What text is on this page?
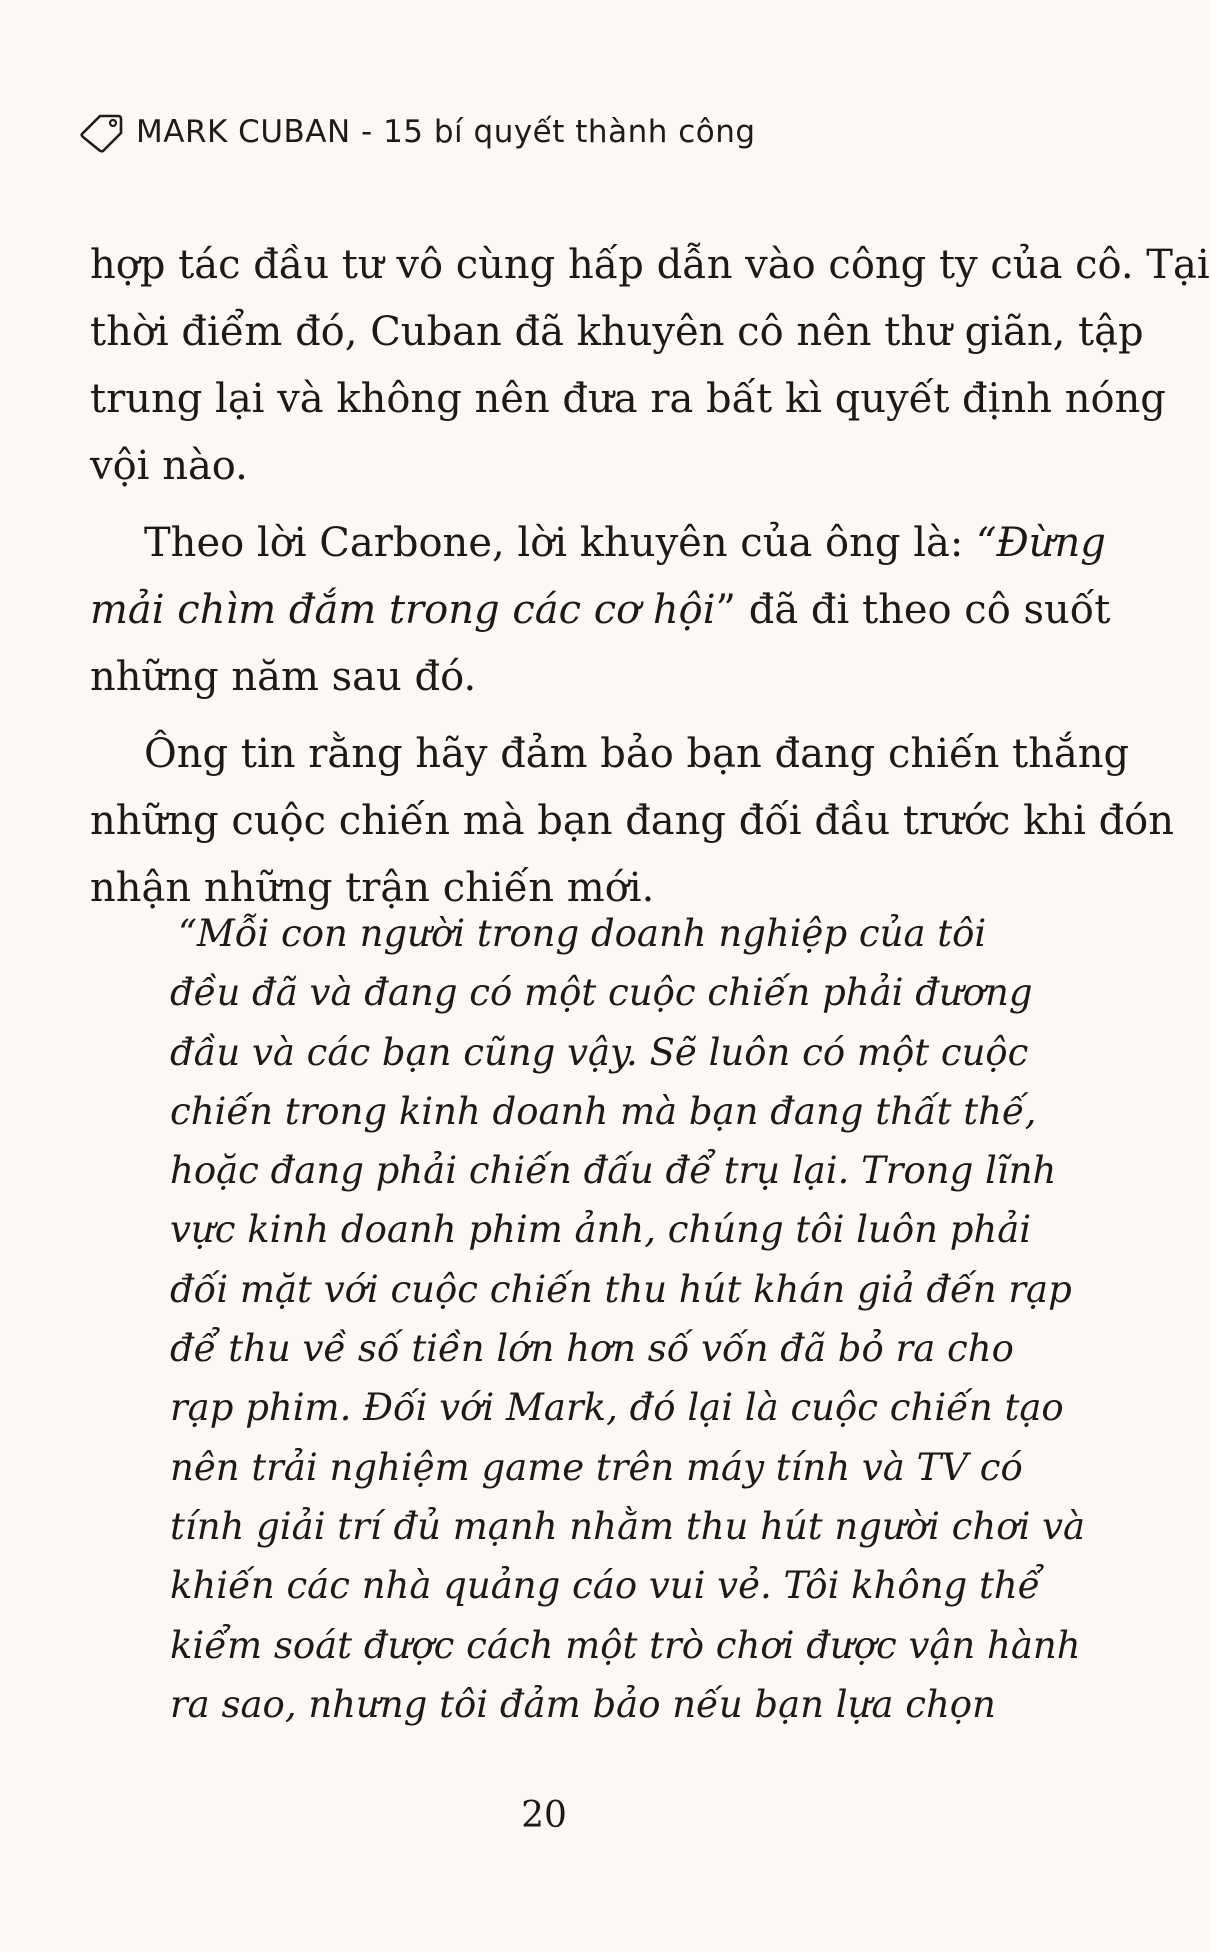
MARK CUBAN - 15 bí quyết thành công
hợp tác đầu tư vô cùng hấp dẫn vào công ty của cô. Tại
thời điểm đó, Cuban đã khuyên cô nên thư giãn, tập
trung lại và không nên đưa ra bất kì quyết định nóng
vội nào.
Theo lời Carbone, lời khuyên của ông là: “Đừng
mải chìm đắm trong các cơ hội” đã đi theo cô suốt
những năm sau đó.
Ông tin rằng hãy đảm bảo bạn đang chiến thắng
những cuộc chiến mà bạn đang đối đầu trước khi đón
nhận những trận chiến mới.
“Mỗi con người trong doanh nghiệp của tôi
đều đã và đang có một cuộc chiến phải đương
đầu và các bạn cũng vậy. Sẽ luôn có một cuộc
chiến trong kinh doanh mà bạn đang thất thế,
hoặc đang phải chiến đấu để trụ lại. Trong lĩnh
vực kinh doanh phim ảnh, chúng tôi luôn phải
đối mặt với cuộc chiến thu hút khán giả đến rạp
để thu về số tiền lớn hơn số vốn đã bỏ ra cho
rạp phim. Đối với Mark, đó lại là cuộc chiến tạo
nên trải nghiệm game trên máy tính và TV có
tính giải trí đủ mạnh nhằm thu hút người chơi và
khiến các nhà quảng cáo vui vẻ. Tôi không thể
kiểm soát được cách một trò chơi được vận hành
ra sao, nhưng tôi đảm bảo nếu bạn lựa chọn
20
